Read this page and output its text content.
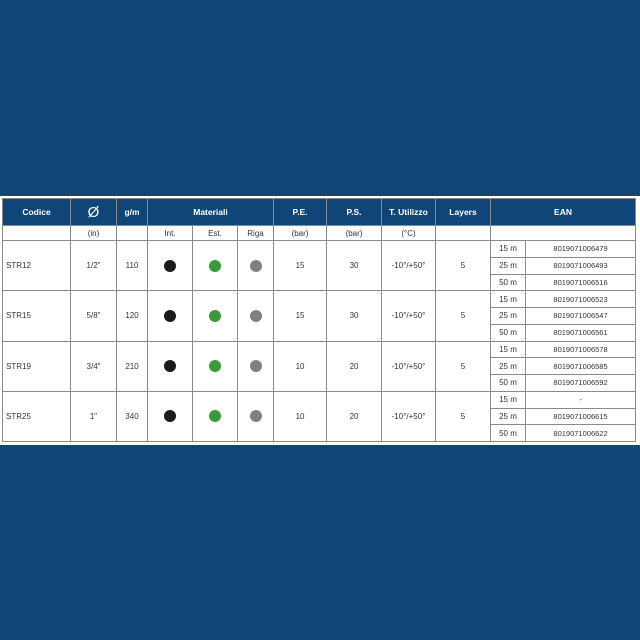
Codice	Ø	g/m	Materiali			P.E.	P.S.	T. Utilizzo	Layers	EAN	
	(in)		Int.	Est.	Riga	(bar)	(bar)	(°C)			
STR12	1/2"	110				15	30	-10°/+50°	5	15 m	8019071006479
										25 m	8019071006493
										50 m	8019071006516
STR15	5/8"	120				15	30	-10°/+50°	5	15 m	8019071006523
										25 m	8019071006547
										50 m	8019071006561
STR19	3/4"	210				10	20	-10°/+50°	5	15 m	8019071006578
										25 m	8019071006585
										50 m	8019071006592
STR25	1"	340				10	20	-10°/+50°	5	15 m	-
										25 m	8019071006615
										50 m	8019071006622
